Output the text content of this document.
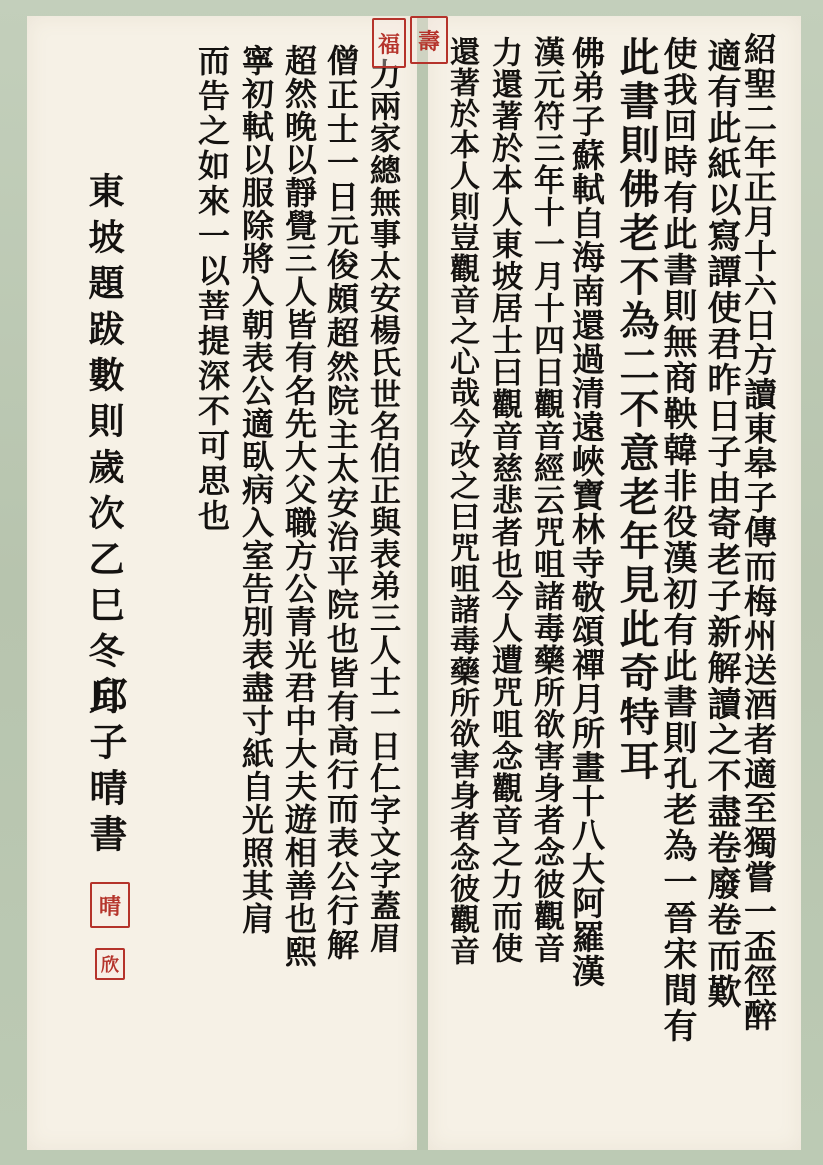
紹聖二年正月十六日方讀東皋子傳而梅州送酒者適至獨嘗一盃徑醉
適有此紙以寫譚使君昨日子由寄老子新解讀之不盡卷廢卷而歎
使我回時有此書則無商鞅韓非役漢初有此書則孔老為一晉宋間有
此書則佛老不為二不意老年見此奇特耳
佛弟子蘇軾自海南還過清遠峽寶林寺敬頌禪月所畫十八大阿羅漢
漢元符三年十一月十四日觀音經云咒咀諸毒藥所欲害身者念彼觀音
力還著於本人東坡居士曰觀音慈悲者也今人遭咒咀念觀音之力而使
還著於本人則豈觀音之心哉今改之曰咒咀諸毒藥所欲害身者念彼觀音
力兩家總無事太安楊氏世名伯正與表弟三人士一日仁字文字蓋眉
僧正士一日元俊頗超然院主太安治平院也皆有高行而表公行解
超然晚以靜覺三人皆有名先大父職方公青光君中大夫遊相善也熙
寧初軾以服除將入朝表公適臥病入室告別表盡寸紙自光照其肩
而告之如來一以菩提深不可思也
東坡題跋數則歲次乙巳冬月
邱子晴書
福 壽
晴
欣
